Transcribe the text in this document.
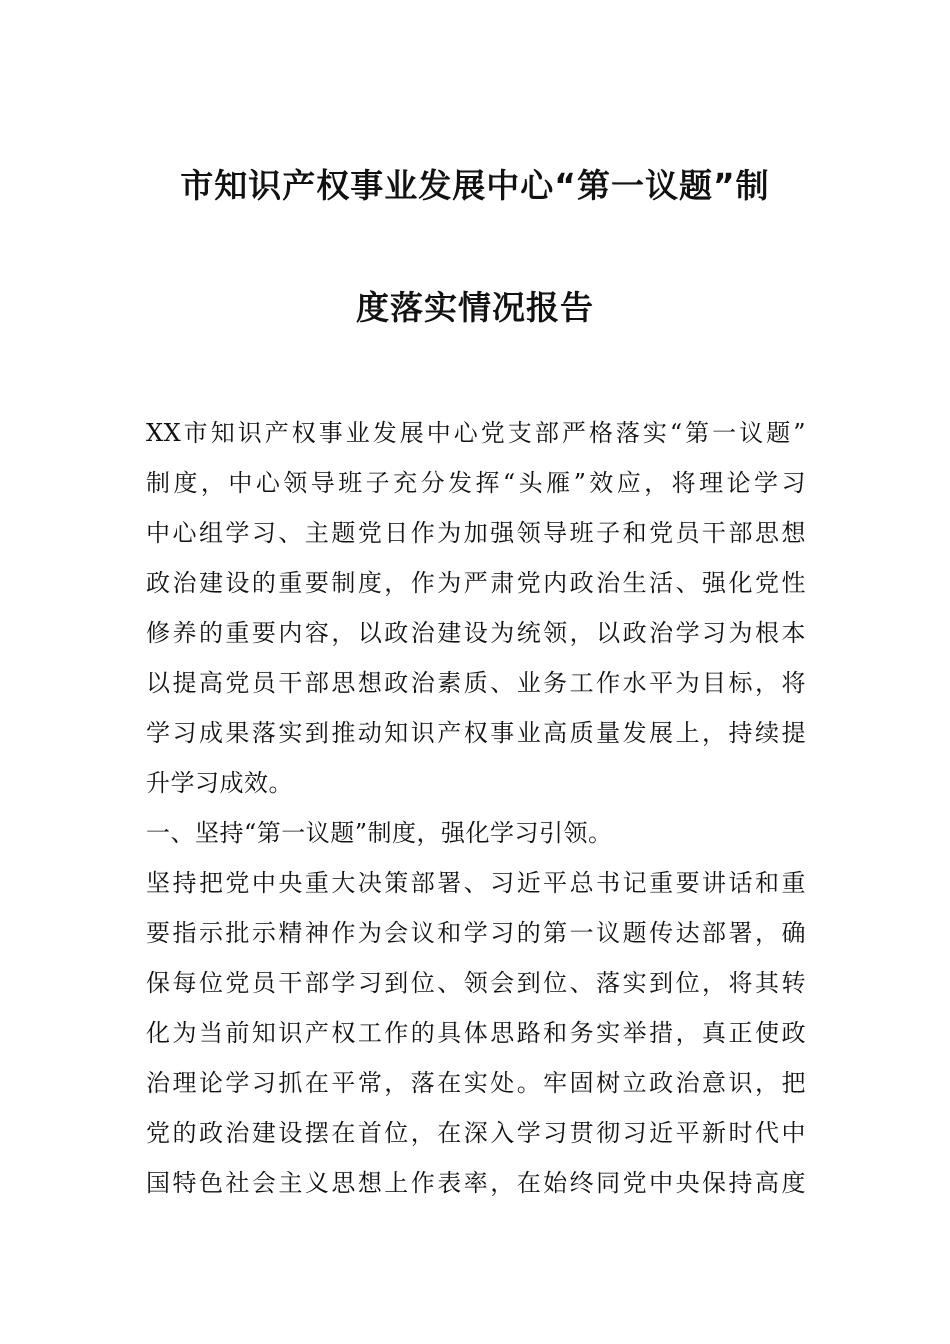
市知识产权事业发展中心“第一议题”制
度落实情况报告
XX市知识产权事业发展中心党支部严格落实“第一议题”
制度，中心领导班子充分发挥“头雁”效应，将理论学习
中心组学习、主题党日作为加强领导班子和党员干部思想
政治建设的重要制度，作为严肃党内政治生活、强化党性
修养的重要内容，以政治建设为统领，以政治学习为根本
以提高党员干部思想政治素质、业务工作水平为目标，将
学习成果落实到推动知识产权事业高质量发展上，持续提
升学习成效。
一、坚持“第一议题”制度，强化学习引领。
坚持把党中央重大决策部署、习近平总书记重要讲话和重
要指示批示精神作为会议和学习的第一议题传达部署，确
保每位党员干部学习到位、领会到位、落实到位，将其转
化为当前知识产权工作的具体思路和务实举措，真正使政
治理论学习抓在平常，落在实处。牢固树立政治意识，把
党的政治建设摆在首位，在深入学习贯彻习近平新时代中
国特色社会主义思想上作表率，在始终同党中央保持高度
